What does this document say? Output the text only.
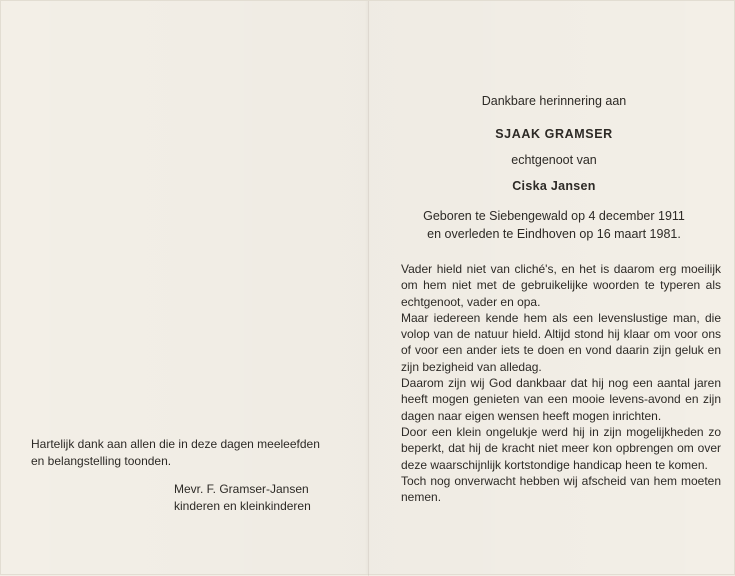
Hartelijk dank aan allen die in deze dagen meeleefden
en belangstelling toonden.
Mevr. F. Gramser-Jansen
kinderen en kleinkinderen
Dankbare herinnering aan
SJAAK GRAMSER
echtgenoot van
Ciska Jansen
Geboren te Siebengewald op 4 december 1911
en overleden te Eindhoven op 16 maart 1981.

Vader hield niet van cliché's, en het is daarom erg moeilijk om hem niet met de gebruikelijke woorden te typeren als echtgenoot, vader en opa.

Maar iedereen kende hem als een levenslustige man, die volop van de natuur hield. Altijd stond hij klaar om voor ons of voor een ander iets te doen en vond daarin zijn geluk en zijn bezigheid van alledag.

Daarom zijn wij God dankbaar dat hij nog een aantal jaren heeft mogen genieten van een mooie levens-avond en zijn dagen naar eigen wensen heeft mogen inrichten.

Door een klein ongelukje werd hij in zijn mogelijkheden zo beperkt, dat hij de kracht niet meer kon opbrengen om over deze waarschijnlijk kortstondige handicap heen te komen.

Toch nog onverwacht hebben wij afscheid van hem moeten nemen.
